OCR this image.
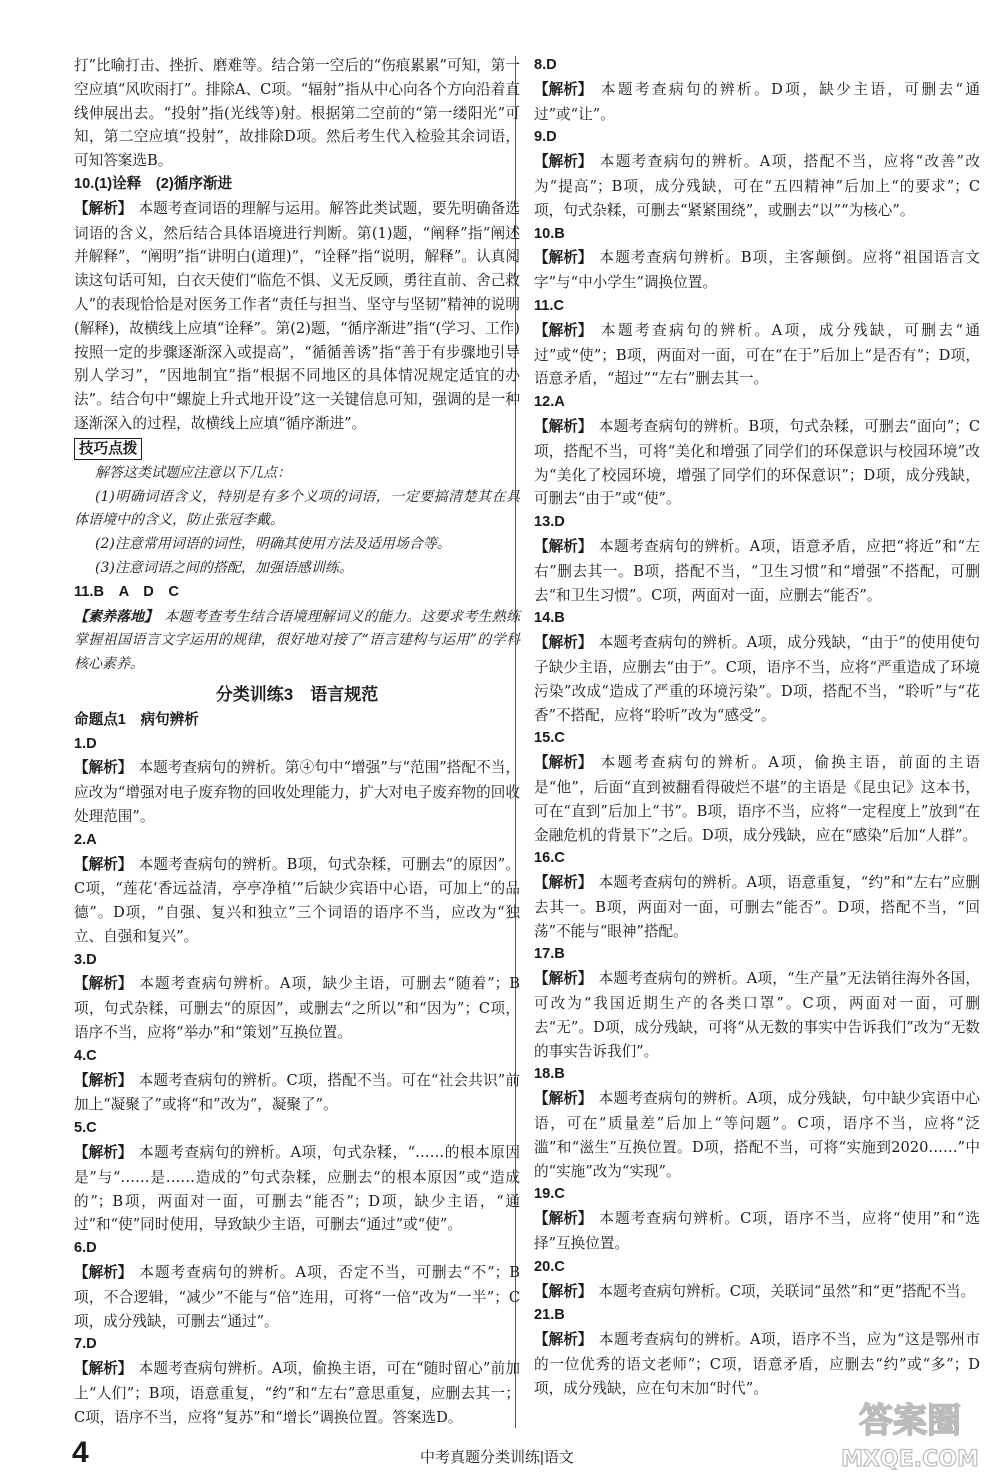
打”比喻打击、挫折、磨难等。结合第一空后的“伤痕累累”可知，第一空应填“风吹雨打”。排除A、C项。“辐射”指从中心向各个方向沿着直线伸展出去。“投射”指(光线等)射。根据第二空前的“第一缕阳光”可知，第二空应填“投射”，故排除D项。然后考生代入检验其余词语，可知答案选B。

10.(1)诠释　(2)循序渐进

【解析】 本题考查词语的理解与运用。解答此类试题，要先明确备选词语的含义，然后结合具体语境进行判断。第(1)题，“阐释”指“阐述并解释”，“阐明”指“讲明白(道理)”，“诠释”指“说明，解释”。认真阅读这句话可知，白衣天使们“临危不惧、义无反顾，勇往直前、舍己救人”的表现恰恰是对医务工作者“责任与担当、坚守与坚韧”精神的说明(解释)，故横线上应填“诠释”。第(2)题，“循序渐进”指“(学习、工作)按照一定的步骤逐渐深入或提高”，“循循善诱”指“善于有步骤地引导别人学习”，“因地制宜”指“根据不同地区的具体情况规定适宜的办法”。结合句中“螺旋上升式地开设”这一关键信息可知，强调的是一种逐渐深入的过程，故横线上应填“循序渐进”。

技巧点拨

解答这类试题应注意以下几点：

(1)明确词语含义，特别是有多个义项的词语，一定要搞清楚其在具体语境中的含义，防止张冠李戴。

(2)注意常用词语的词性，明确其使用方法及适用场合等。

(3)注意词语之间的搭配，加强语感训练。

11.B　A　D　C

【素养落地】 本题考查考生结合语境理解词义的能力。这要求考生熟练掌握祖国语言文字运用的规律，很好地对接了“语言建构与运用”的学科核心素养。

分类训练3　语言规范

命题点1　病句辨析

1.D

【解析】 本题考查病句的辨析。第④句中“增强”与“范围”搭配不当，应改为“增强对电子废弃物的回收处理能力，扩大对电子废弃物的回收处理范围”。

2.A

【解析】 本题考查病句的辨析。B项，句式杂糅，可删去“的原因”。C项，“莲花‘香远益清，亭亭净植’”后缺少宾语中心语，可加上“的品德”。D项，“自强、复兴和独立”三个词语的语序不当，应改为“独立、自强和复兴”。

3.D

【解析】 本题考查病句辨析。A项，缺少主语，可删去“随着”；B项，句式杂糅，可删去“的原因”，或删去“之所以”和“因为”；C项，语序不当，应将“举办”和“策划”互换位置。

4.C

【解析】 本题考查病句的辨析。C项，搭配不当。可在“社会共识”前加上“凝聚了”或将“和”改为“，凝聚了”。

5.C

【解析】 本题考查病句的辨析。A项，句式杂糅，“……的根本原因是”与“……是……造成的”句式杂糅，应删去“的根本原因”或“造成的”；B项，两面对一面，可删去“能否”；D项，缺少主语，“通过”和“使”同时使用，导致缺少主语，可删去“通过”或“使”。

6.D

【解析】 本题考查病句的辨析。A项，否定不当，可删去“不”；B项，不合逻辑，“减少”不能与“倍”连用，可将“一倍”改为“一半”；C项，成分残缺，可删去“通过”。

7.D

【解析】 本题考查病句辨析。A项，偷换主语，可在“随时留心”前加上“人们”；B项，语意重复，“约”和“左右”意思重复，应删去其一；C项，语序不当，应将“复苏”和“增长”调换位置。答案选D。

8.D

【解析】 本题考查病句的辨析。D项，缺少主语，可删去“通过”或“让”。

9.D

【解析】 本题考查病句的辨析。A项，搭配不当，应将“改善”改为“提高”；B项，成分残缺，可在“五四精神”后加上“的要求”；C项，句式杂糅，可删去“紧紧围绕”，或删去“以”“为核心”。

10.B

【解析】 本题考查病句辨析。B项，主客颠倒。应将“祖国语言文字”与“中小学生”调换位置。

11.C

【解析】 本题考查病句的辨析。A项，成分残缺，可删去“通过”或“使”；B项，两面对一面，可在“在于”后加上“是否有”；D项，语意矛盾，“超过”“左右”删去其一。

12.A

【解析】 本题考查病句的辨析。B项，句式杂糅，可删去“面向”；C项，搭配不当，可将“美化和增强了同学们的环保意识与校园环境”改为“美化了校园环境，增强了同学们的环保意识”；D项，成分残缺，可删去“由于”或“使”。

13.D

【解析】 本题考查病句的辨析。A项，语意矛盾，应把“将近”和“左右”删去其一。B项，搭配不当，“卫生习惯”和“增强”不搭配，可删去“和卫生习惯”。C项，两面对一面，应删去“能否”。

14.B

【解析】 本题考查病句的辨析。A项，成分残缺，“由于”的使用使句子缺少主语，应删去“由于”。C项，语序不当，应将“严重造成了环境污染”改成“造成了严重的环境污染”。D项，搭配不当，“聆听”与“花香”不搭配，应将“聆听”改为“感受”。

15.C

【解析】 本题考查病句的辨析。A项，偷换主语，前面的主语是“他”，后面“直到被翻看得破烂不堪”的主语是《昆虫记》这本书，可在“直到”后加上“书”。B项，语序不当，应将“一定程度上”放到“在金融危机的背景下”之后。D项，成分残缺，应在“感染”后加“人群”。

16.C

【解析】 本题考查病句的辨析。A项，语意重复，“约”和“左右”应删去其一。B项，两面对一面，可删去“能否”。D项，搭配不当，“回荡”不能与“眼神”搭配。

17.B

【解析】 本题考查病句的辨析。A项，“生产量”无法销往海外各国，可改为“我国近期生产的各类口罩”。C项，两面对一面，可删去“无”。D项，成分残缺，可将“从无数的事实中告诉我们”改为“无数的事实告诉我们”。

18.B

【解析】 本题考查病句的辨析。A项，成分残缺，句中缺少宾语中心语，可在“质量差”后加上“等问题”。C项，语序不当，应将“泛滥”和“滋生”互换位置。D项，搭配不当，可将“实施到2020……”中的“实施”改为“实现”。

19.C

【解析】 本题考查病句辨析。C项，语序不当，应将“使用”和“选择”互换位置。

20.C

【解析】 本题考查病句辨析。C项，关联词“虽然”和“更”搭配不当。

21.B

【解析】 本题考查病句的辨析。A项，语序不当，应为“这是鄂州市的一位优秀的语文老师”；C项，语意矛盾，应删去“约”或“多”；D项，成分残缺，应在句末加“时代”。

4	中考真题分类训练|语文
答案圈
MXQE.COM
